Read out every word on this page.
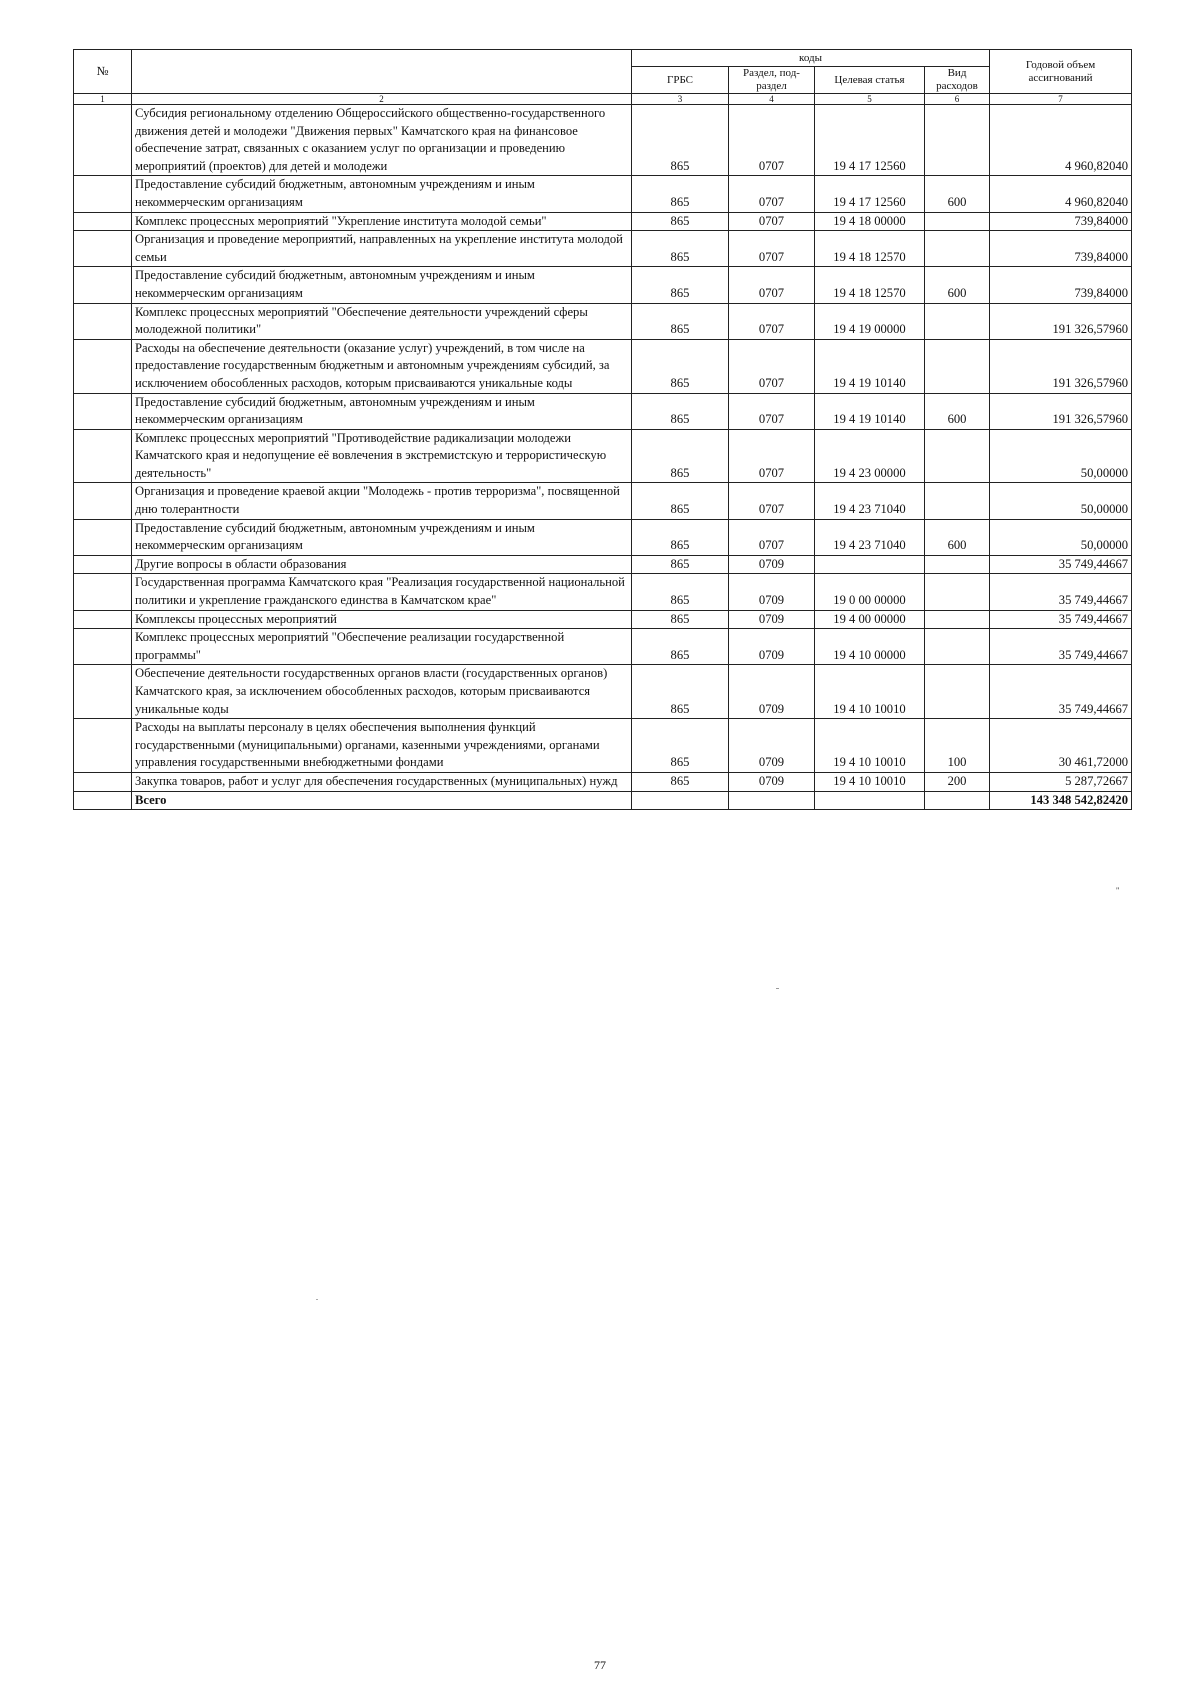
№		коды				Годовой объем ассигнований
		ГРБС	Раздел, под-раздел	Целевая статья	Вид расходов	
1	2	3	4	5	6	7
	Субсидия региональному отделению Общероссийского общественно-государственного движения детей и молодежи "Движения первых" Камчатского края на финансовое обеспечение затрат, связанных с оказанием услуг по организации и проведению мероприятий (проектов) для детей и молодежи	865	0707	19 4 17 12560		4 960,82040
	Предоставление субсидий бюджетным, автономным учреждениям и иным некоммерческим организациям	865	0707	19 4 17 12560	600	4 960,82040
	Комплекс процессных мероприятий "Укрепление института молодой семьи"	865	0707	19 4 18 00000		739,84000
	Организация и проведение мероприятий, направленных на укрепление института молодой семьи	865	0707	19 4 18 12570		739,84000
	Предоставление субсидий бюджетным, автономным учреждениям и иным некоммерческим организациям	865	0707	19 4 18 12570	600	739,84000
	Комплекс процессных мероприятий "Обеспечение деятельности учреждений сферы молодежной политики"	865	0707	19 4 19 00000		191 326,57960
	Расходы на обеспечение деятельности (оказание услуг) учреждений, в том числе на предоставление государственным бюджетным и автономным учреждениям субсидий, за исключением обособленных расходов, которым присваиваются уникальные коды	865	0707	19 4 19 10140		191 326,57960
	Предоставление субсидий бюджетным, автономным учреждениям и иным некоммерческим организациям	865	0707	19 4 19 10140	600	191 326,57960
	Комплекс процессных мероприятий "Противодействие радикализации молодежи Камчатского края и недопущение её вовлечения в экстремистскую и террористическую деятельность"	865	0707	19 4 23 00000		50,00000
	Организация и проведение краевой акции "Молодежь - против терроризма", посвященной дню толерантности	865	0707	19 4 23 71040		50,00000
	Предоставление субсидий бюджетным, автономным учреждениям и иным некоммерческим организациям	865	0707	19 4 23 71040	600	50,00000
	Другие вопросы в области образования	865	0709			35 749,44667
	Государственная программа Камчатского края "Реализация государственной национальной политики и укрепление гражданского единства в Камчатском крае"	865	0709	19 0 00 00000		35 749,44667
	Комплексы процессных мероприятий	865	0709	19 4 00 00000		35 749,44667
	Комплекс процессных мероприятий "Обеспечение реализации государственной программы"	865	0709	19 4 10 00000		35 749,44667
	Обеспечение деятельности государственных органов власти (государственных органов) Камчатского края, за исключением обособленных расходов, которым присваиваются уникальные коды	865	0709	19 4 10 10010		35 749,44667
	Расходы на выплаты персоналу в целях обеспечения выполнения функций государственными (муниципальными) органами, казенными учреждениями, органами управления государственными внебюджетными фондами	865	0709	19 4 10 10010	100	30 461,72000
	Закупка товаров, работ и услуг для обеспечения государственных (муниципальных) нужд	865	0709	19 4 10 10010	200	5 287,72667
	Всего					143 348 542,82420
"
77
